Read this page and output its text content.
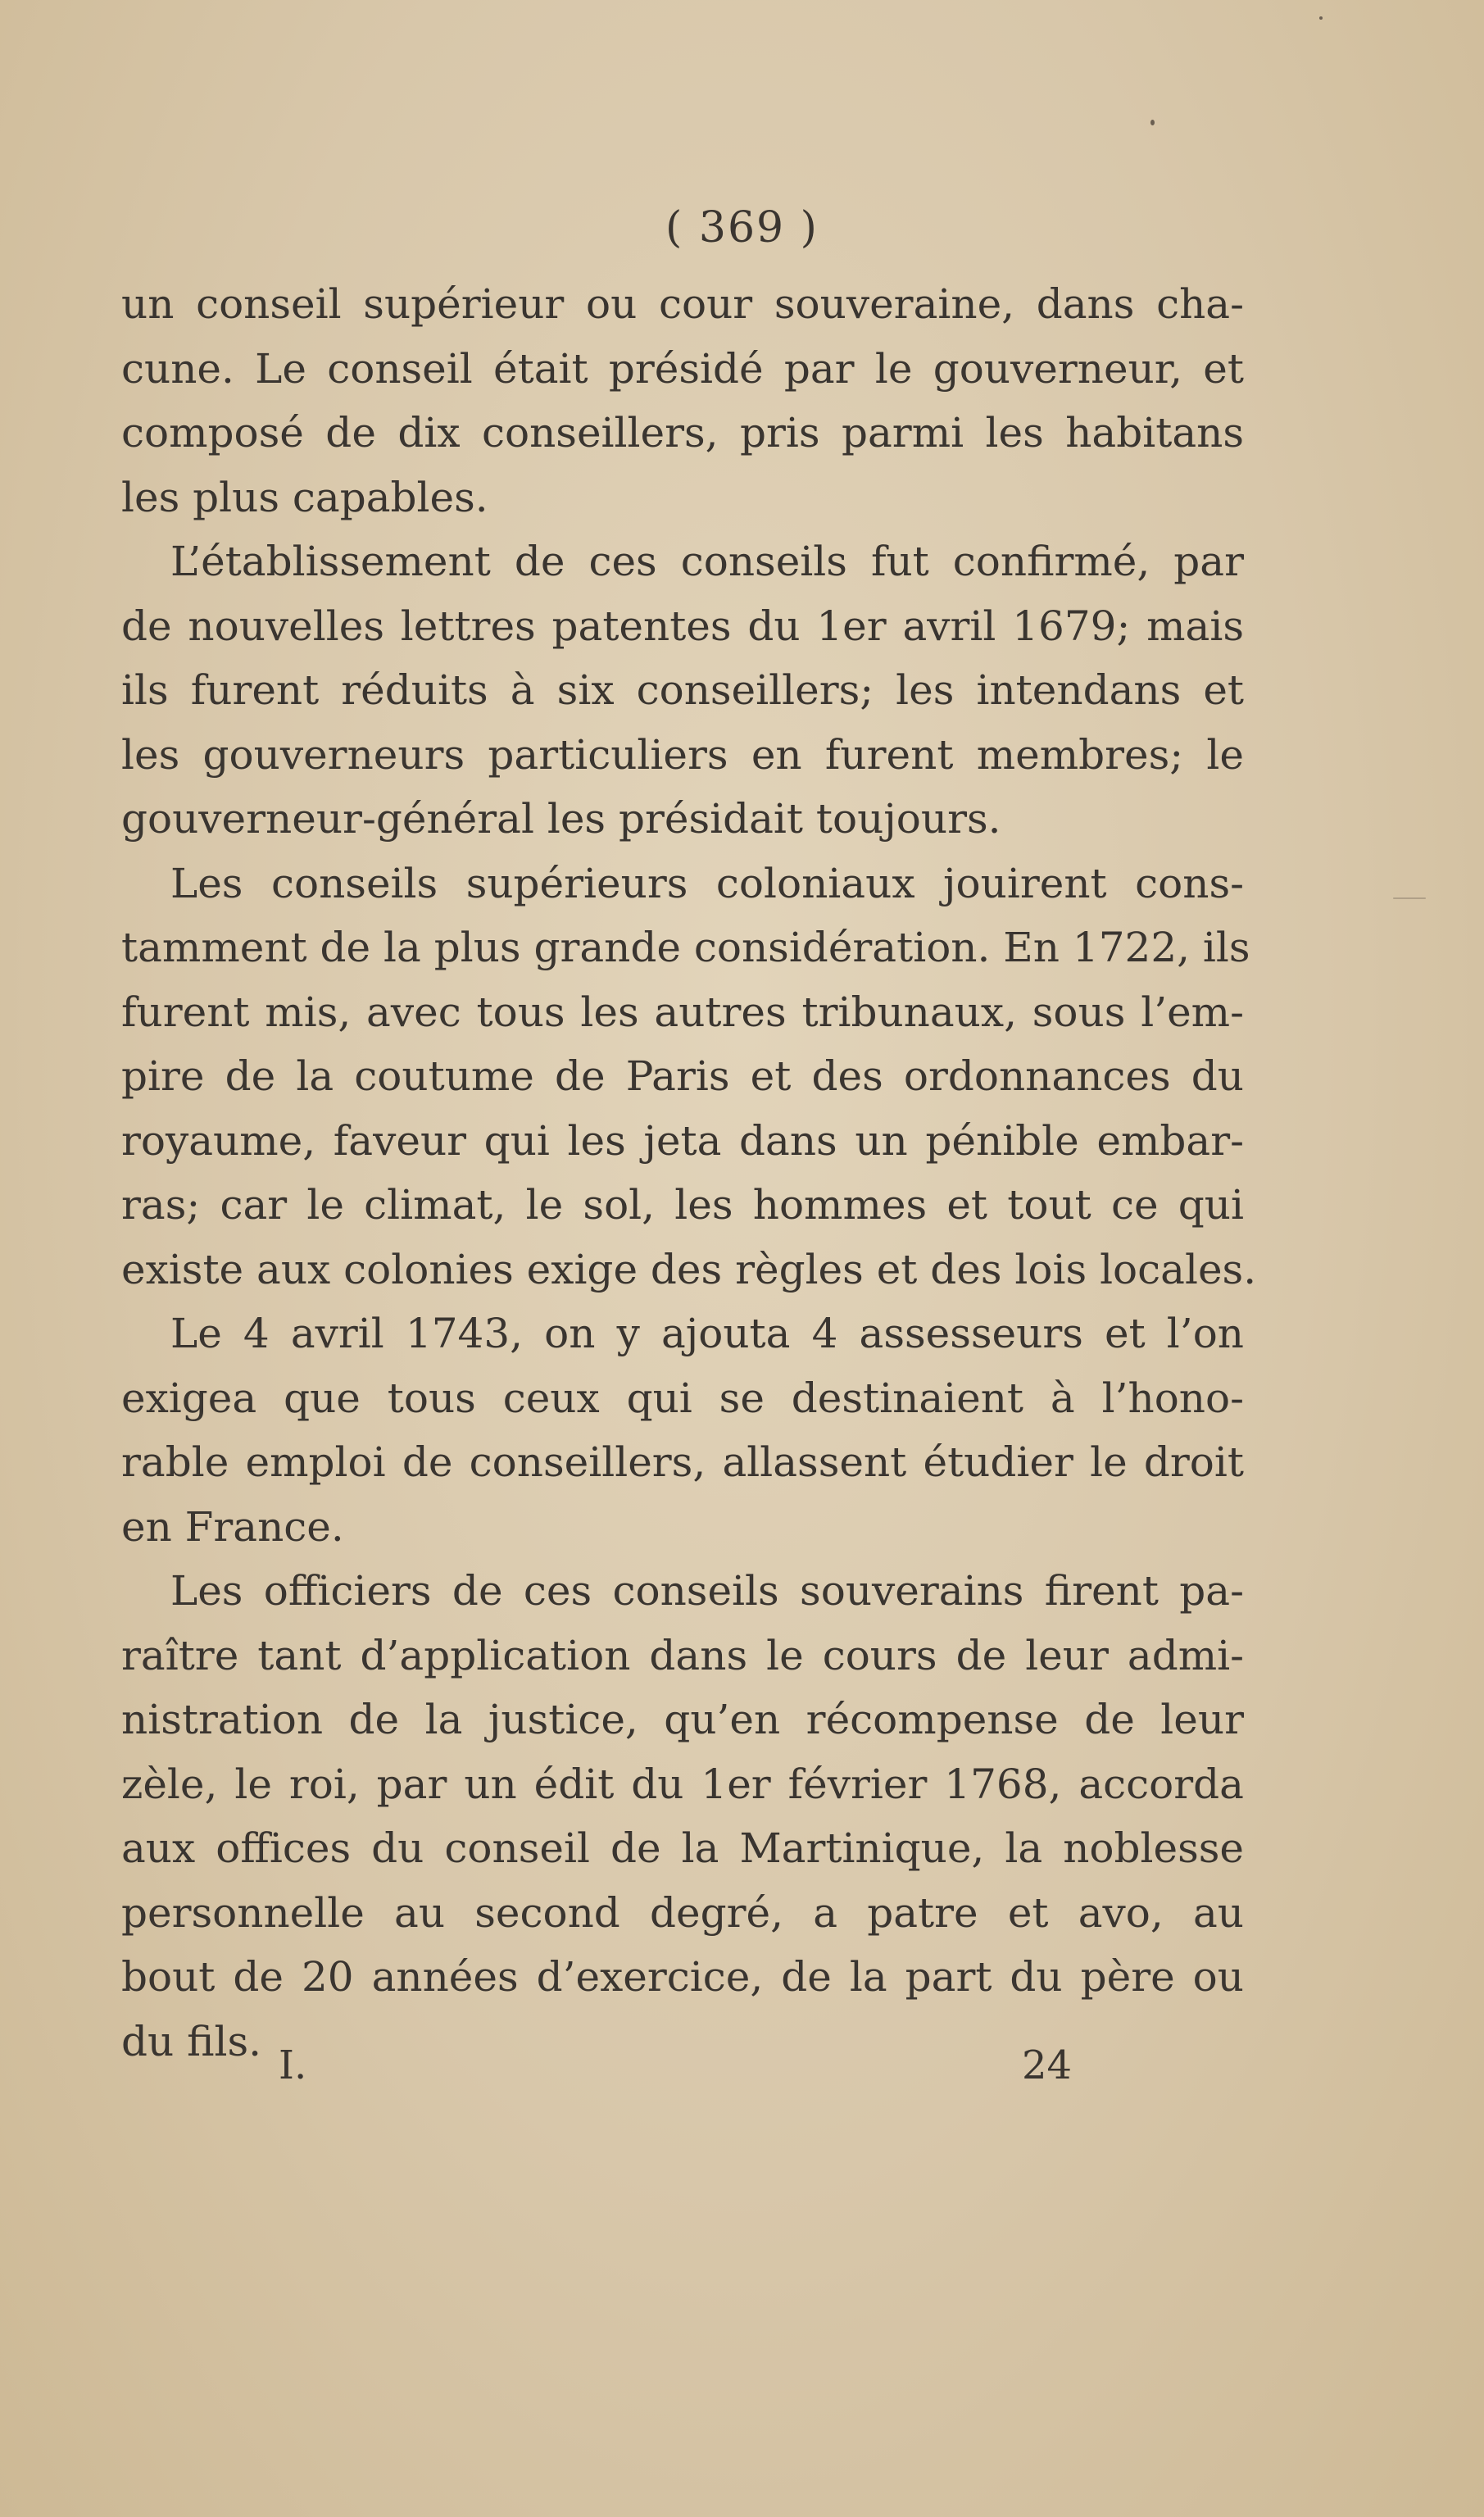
( 369 )
un conseil supérieur ou cour souveraine, dans cha-
cune. Le conseil était présidé par le gouverneur, et
composé de dix conseillers, pris parmi les habitans
les plus capables.
L’établissement de ces conseils fut confirmé, par
de nouvelles lettres patentes du 1er avril 1679; mais
ils furent réduits à six conseillers; les intendans et
les gouverneurs particuliers en furent membres; le
gouverneur-général les présidait toujours.
Les conseils supérieurs coloniaux jouirent cons-
tamment de la plus grande considération. En 1722, ils
furent mis, avec tous les autres tribunaux, sous l’em-
pire de la coutume de Paris et des ordonnances du
royaume, faveur qui les jeta dans un pénible embar-
ras; car le climat, le sol, les hommes et tout ce qui
existe aux colonies exige des règles et des lois locales.
Le 4 avril 1743, on y ajouta 4 assesseurs et l’on
exigea que tous ceux qui se destinaient à l’hono-
rable emploi de conseillers, allassent étudier le droit
en France.
Les officiers de ces conseils souverains firent pa-
raître tant d’application dans le cours de leur admi-
nistration de la justice, qu’en récompense de leur
zèle, le roi, par un édit du 1er février 1768, accorda
aux offices du conseil de la Martinique, la noblesse
personnelle au second degré, a patre et avo, au
bout de 20 années d’exercice, de la part du père ou
du fils.
I.	24
